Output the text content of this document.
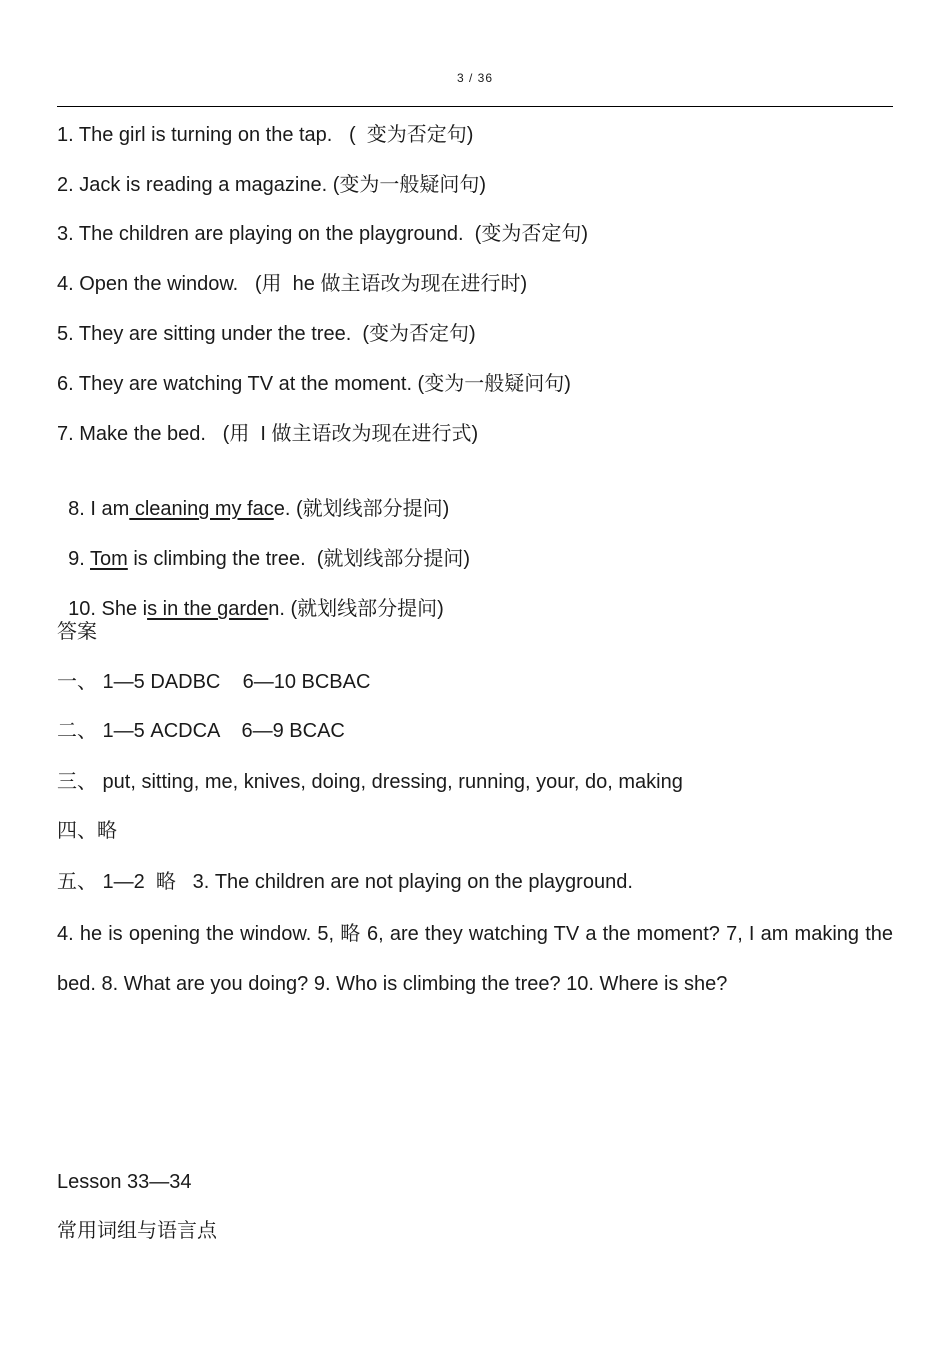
3 / 36
1. The girl is turning on the tap.   (  变为否定句)
2. Jack is reading a magazine. (变为一般疑问句)
3. The children are playing on the playground.  (变为否定句)
4. Open the window.   (用  he 做主语改为现在进行时)
5. They are sitting under the tree.  (变为否定句)
6. They are watching TV at the moment. (变为一般疑问句)
7. Make the bed.   (用  I 做主语改为现在进行式)

8. I am cleaning my face. (就划线部分提问)

9. Tom is climbing the tree.  (就划线部分提问)

10. She is in the garden. (就划线部分提问)

答案
一、 1—5 DADBC    6—10 BCBAC
二、 1—5 ACDCA    6—9 BCAC
三、 put, sitting, me, knives, doing, dressing, running, your, do, making
四、略
五、 1—2  略   3. The children are not playing on the playground.
4. he is opening the window. 5, 略 6, are they watching TV a the moment? 7, I am making the bed. 8. What are you doing? 9. Who is climbing the tree? 10. Where is she?
Lesson 33—34
常用词组与语言点
